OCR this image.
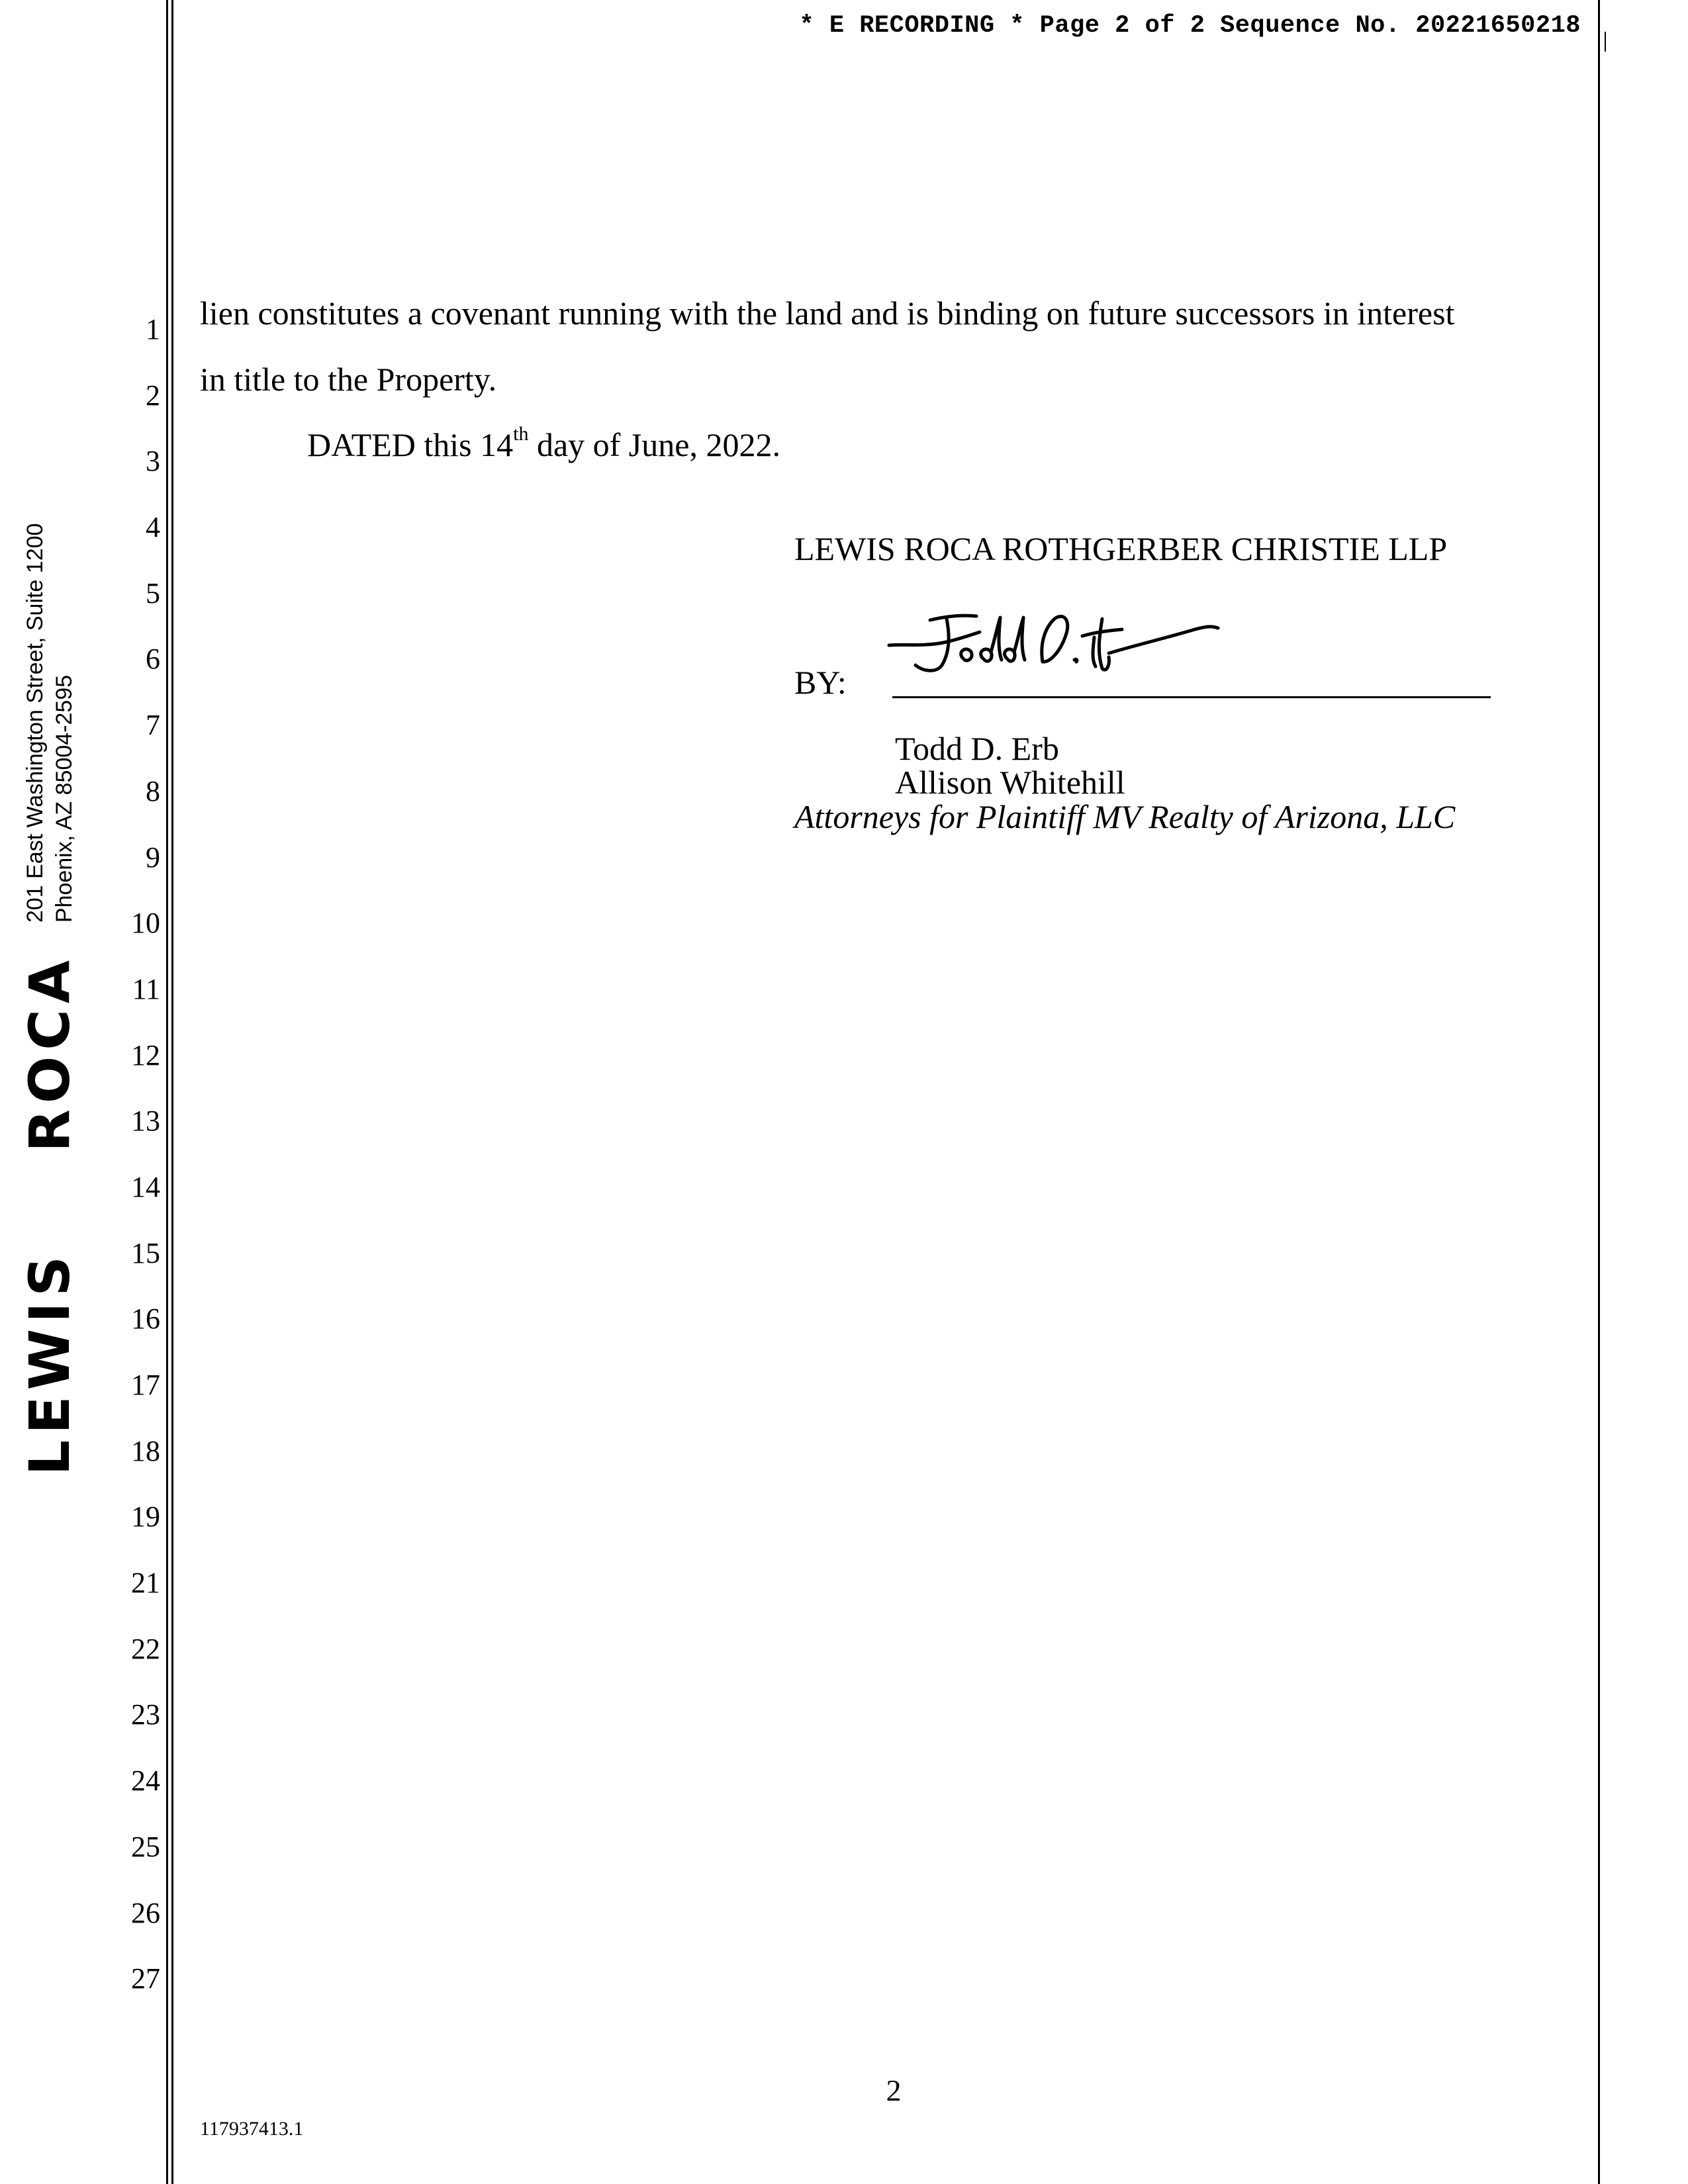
* E RECORDING * Page 2 of 2 Sequence No. 20221650218
LEWIS ROCA
201 East Washington Street, Suite 1200 Phoenix, AZ 85004-2595
1
2
3
4
5
6
7
8
9
10
11
12
13
14
15
16
17
18
19
21
22
23
24
25
26
27
lien constitutes a covenant running with the land and is binding on future successors in interest
in title to the Property.
DATED this 14th day of June, 2022.
LEWIS ROCA ROTHGERBER CHRISTIE LLP
BY:
Todd D. Erb
Allison Whitehill
Attorneys for Plaintiff MV Realty of Arizona, LLC
2
117937413.1
